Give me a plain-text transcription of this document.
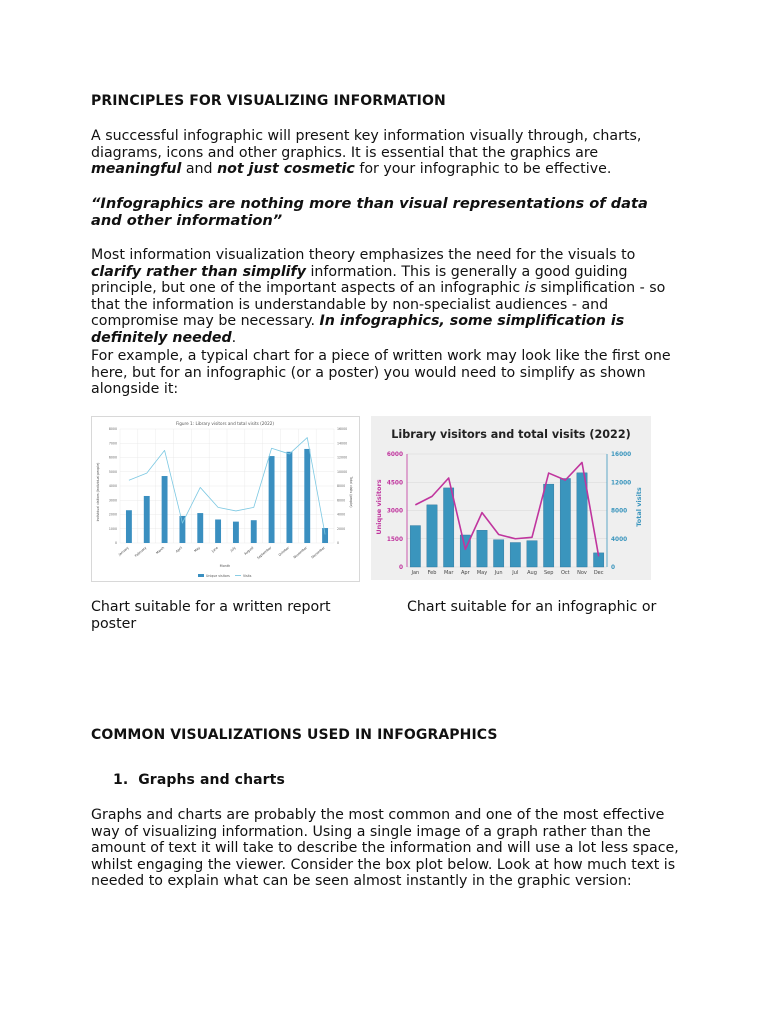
PRINCIPLES FOR VISUALIZING INFORMATION

A successful infographic will present key information visually through, charts, diagrams, icons and other graphics. It is essential that the graphics are meaningful and not just cosmetic for your infographic to be effective.

“Infographics are nothing more than visual representations of data and other information”

Most information visualization theory emphasizes the need for the visuals to clarify rather than simplify information. This is generally a good guiding principle, but one of the important aspects of an infographic is simplification - so that the information is understandable by non-specialist audiences - and compromise may be necessary. In infographics, some simplification is definitely needed.

For example, a typical chart for a piece of written work may look like the first one here, but for an infographic (or a poster) you would need to simplify as shown alongside it:

Figure 1: Library visitors and total visits (2022)
Individual visitors (individual people)	Total visits (people)
Month
0
1000
2000
3000
4000
5000
6000
7000
8000
0
2000
4000
6000
8000
10000
12000
14000
16000
January February March	April	May	June	July August September October November December
Unique visitors	Visits
Library visitors and total visits (2022)
Unique visitors	Total visits
0
1500
3000
4500
6000
0
4000
8000
12000
16000
Jan Feb Mar Apr May Jun Jul Aug Sep Oct Nov Dec
Chart suitable for a written report	Chart suitable for an infographic or
poster
COMMON VISUALIZATIONS USED IN INFOGRAPHICS
1. Graphs and charts

Graphs and charts are probably the most common and one of the most effective way of visualizing information. Using a single image of a graph rather than the amount of text it will take to describe the information and will use a lot less space, whilst engaging the viewer. Consider the box plot below. Look at how much text is needed to explain what can be seen almost instantly in the graphic version:
